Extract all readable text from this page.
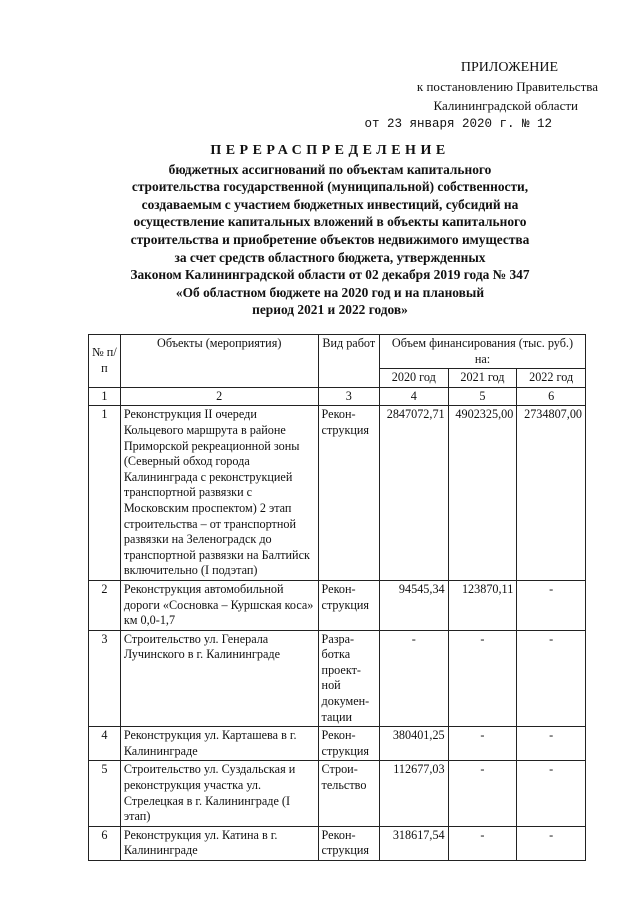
ПРИЛОЖЕНИЕ
к постановлению Правительства
Калининградской области
от 23 января 2020 г. № 12
ПЕРЕРАСПРЕДЕЛЕНИЕ
бюджетных ассигнований по объектам капитального
строительства государственной (муниципальной) собственности,
создаваемым с участием бюджетных инвестиций, субсидий на
осуществление капитальных вложений в объекты капитального
строительства и приобретение объектов недвижимого имущества
за счет средств областного бюджета, утвержденных
Законом Калининградской области от 02 декабря 2019 года № 347
«Об областном бюджете на 2020 год и на плановый
период 2021 и 2022 годов»
№ п/п	Объекты (мероприятия)	Вид работ	Объем финансирования (тыс. руб.) на:		
			2020 год	2021 год	2022 год
1	2	3	4	5	6
1	Реконструкция II очереди Кольцевого маршрута в районе Приморской рекреационной зоны (Северный обход города Калининграда с реконструкцией транспортной развязки с Московским проспектом) 2 этап строительства – от транспортной развязки на Зеленоградск до транспортной развязки на Балтийск включительно (I подэтап)	Рекон-струкция	2847072,71	4902325,00	2734807,00
2	Реконструкция автомобильной дороги «Сосновка – Куршская коса» км 0,0-1,7	Рекон-струкция	94545,34	123870,11	-
3	Строительство ул. Генерала Лучинского в г. Калининграде	Разра-ботка проект-ной докумен-тации	-	-	-
4	Реконструкция ул. Карташева в г. Калининграде	Рекон-струкция	380401,25	-	-
5	Строительство ул. Суздальская и реконструкция участка ул. Стрелецкая в г. Калининграде (I этап)	Строи-тельство	112677,03	-	-
6	Реконструкция ул. Катина в г. Калининграде	Рекон-струкция	318617,54	-	-
